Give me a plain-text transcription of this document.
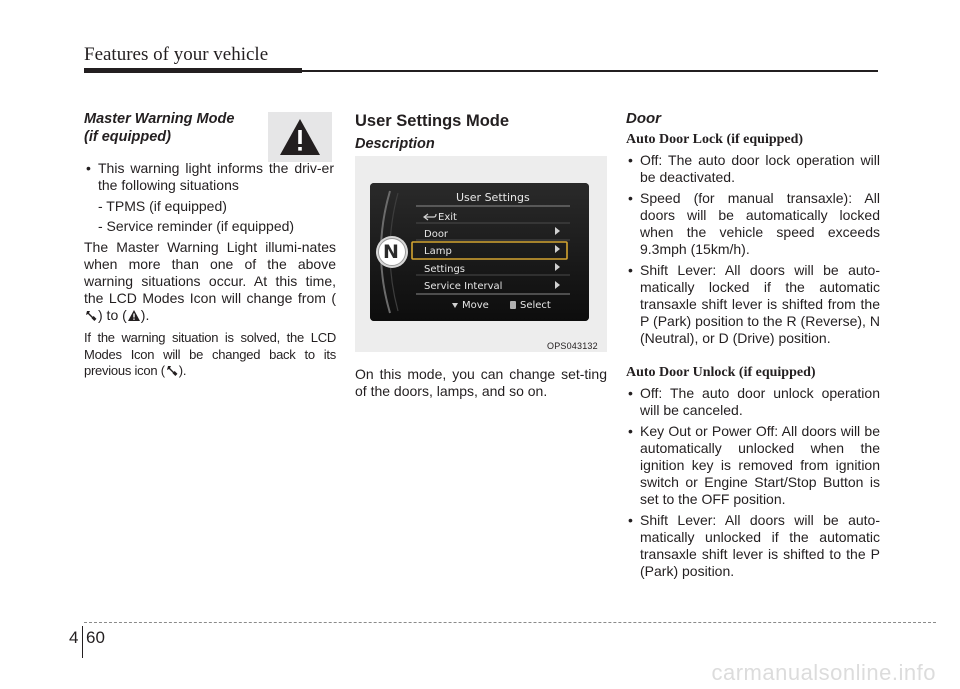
Features of your vehicle
Master Warning Mode
(if equipped)
• This warning light informs the driv-er the following situations

- TPMS (if equipped)

- Service reminder (if equipped)

The Master Warning Light illumi-nates when more than one of the above warning situations occur. At this time, the LCD Modes Icon will change from () to ( ).

If the warning situation is solved, the LCD Modes Icon will be changed back to its previous icon ( ).

User Settings Mode
Description
User Settings
Exit
Door
Lamp
Settings
Service Interval
Move	Select
N
OPS043132

On this mode, you can change set-ting of the doors, lamps, and so on.

Door
Auto Door Lock (if equipped)
• Off: The auto door lock operation will be deactivated.
• Speed (for manual transaxle): All doors will be automatically locked when the vehicle speed exceeds 9.3mph (15km/h).
• Shift Lever: All doors will be auto-matically locked if the automatic transaxle shift lever is shifted from the P (Park) position to the R (Reverse), N (Neutral), or D (Drive) position.
Auto Door Unlock (if equipped)
• Off: The auto door unlock operation will be canceled.
• Key Out or Power Off: All doors will be automatically unlocked when the ignition key is removed from ignition switch or Engine Start/Stop Button is set to the OFF position.
• Shift Lever: All doors will be auto-matically unlocked if the automatic transaxle shift lever is shifted to the P (Park) position.
4 60
carmanualsonline.info
